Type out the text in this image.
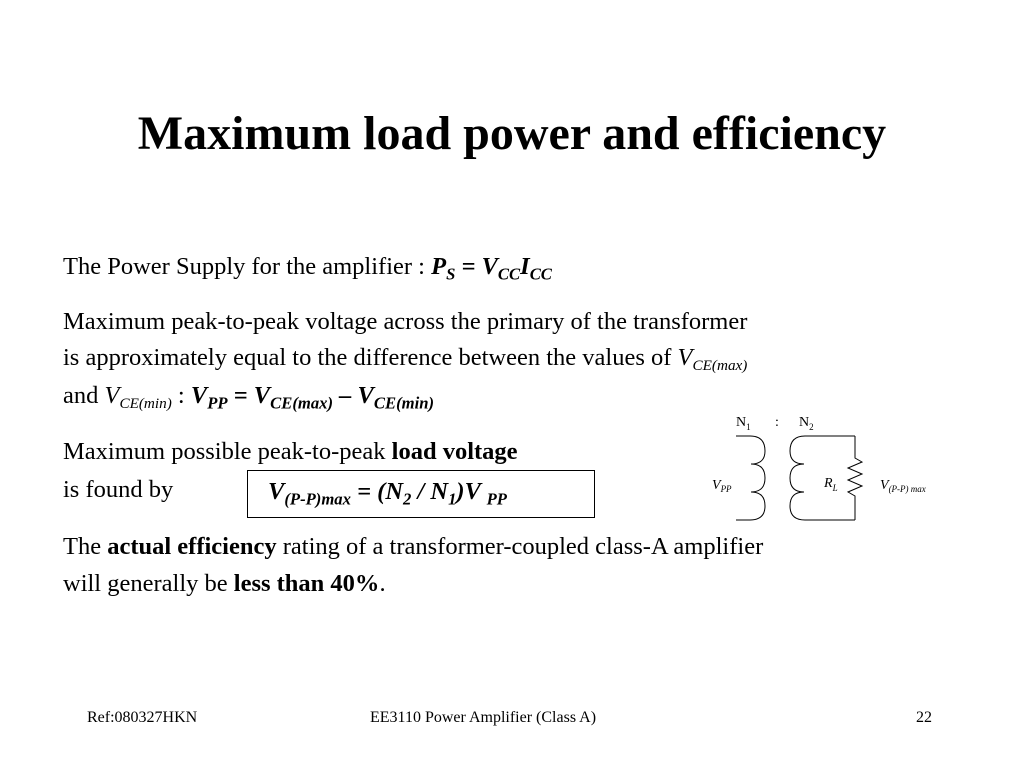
Maximum load power and efficiency
The Power Supply for the amplifier : $P_S = V_{CC}I_{CC}$
Maximum peak-to-peak voltage across the primary of the transformer
is approximately equal to the difference between the values of VCE(max)
and VCE(min) : $V_{PP} = V_{CE(max)} - V_{CE(min)}$
Maximum possible peak-to-peak load voltage
is found by	$V_{(P-P)max} = (N_2 / N_1)V$ $_{PP}$
The actual efficiency rating of a transformer-coupled class-A amplifier
will generally be less than 40%.
$N_1$ : $N_2$
$V_{PP}$	$R_L$	$V_{(P-P) max}$
Ref:080327HKN	EE3110 Power Amplifier (Class A)	22
